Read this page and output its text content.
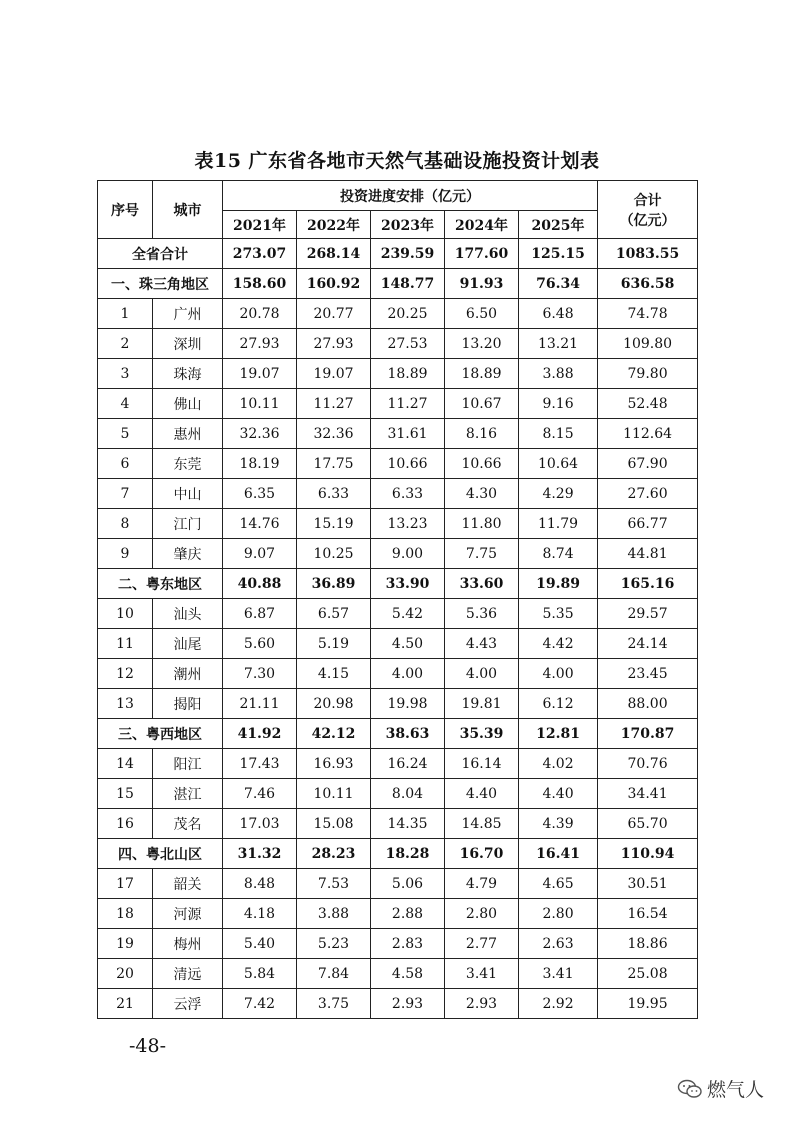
表15 广东省各地市天然气基础设施投资计划表
序号	城市	投资进度安排（亿元）					合计
（亿元）

		2021年	2022年	2023年	2024年	2025年	
全省合计		273.07	268.14	239.59	177.60	125.15	1083.55
一、珠三角地区		158.60	160.92	148.77	91.93	76.34	636.58
1	广州	20.78	20.77	20.25	6.50	6.48	74.78
2	深圳	27.93	27.93	27.53	13.20	13.21	109.80
3	珠海	19.07	19.07	18.89	18.89	3.88	79.80
4	佛山	10.11	11.27	11.27	10.67	9.16	52.48
5	惠州	32.36	32.36	31.61	8.16	8.15	112.64
6	东莞	18.19	17.75	10.66	10.66	10.64	67.90
7	中山	6.35	6.33	6.33	4.30	4.29	27.60
8	江门	14.76	15.19	13.23	11.80	11.79	66.77
9	肇庆	9.07	10.25	9.00	7.75	8.74	44.81
二、粤东地区		40.88	36.89	33.90	33.60	19.89	165.16
10	汕头	6.87	6.57	5.42	5.36	5.35	29.57
11	汕尾	5.60	5.19	4.50	4.43	4.42	24.14
12	潮州	7.30	4.15	4.00	4.00	4.00	23.45
13	揭阳	21.11	20.98	19.98	19.81	6.12	88.00
三、粤西地区		41.92	42.12	38.63	35.39	12.81	170.87
14	阳江	17.43	16.93	16.24	16.14	4.02	70.76
15	湛江	7.46	10.11	8.04	4.40	4.40	34.41
16	茂名	17.03	15.08	14.35	14.85	4.39	65.70
四、粤北山区		31.32	28.23	18.28	16.70	16.41	110.94
17	韶关	8.48	7.53	5.06	4.79	4.65	30.51
18	河源	4.18	3.88	2.88	2.80	2.80	16.54
19	梅州	5.40	5.23	2.83	2.77	2.63	18.86
20	清远	5.84	7.84	4.58	3.41	3.41	25.08
21	云浮	7.42	3.75	2.93	2.93	2.92	19.95
-48-
燃气人
